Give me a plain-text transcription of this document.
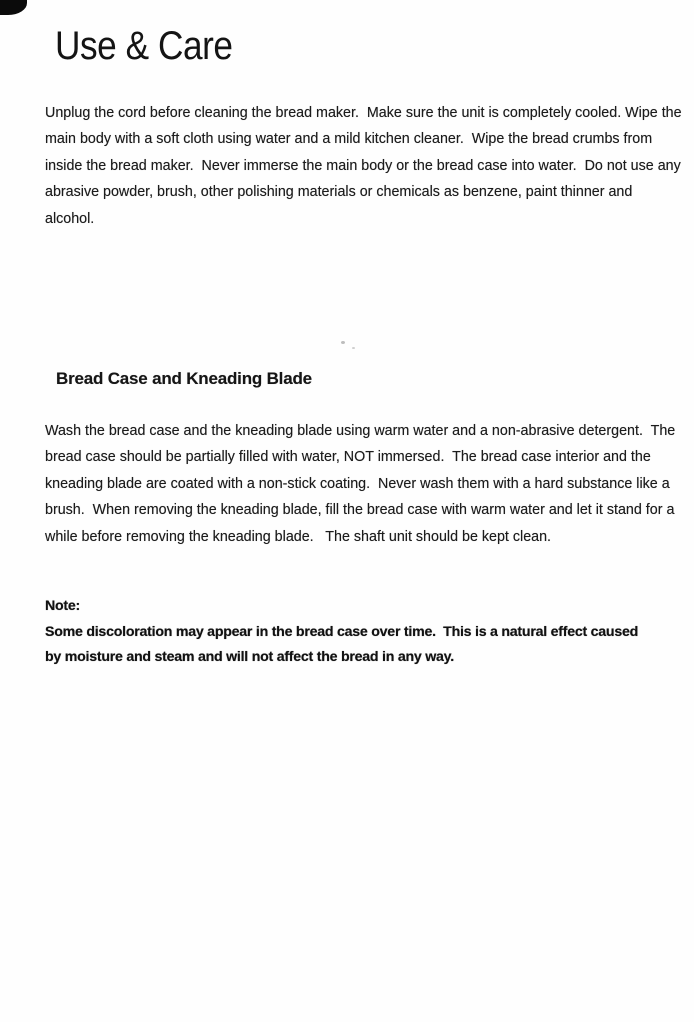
Use & Care
Unplug the cord before cleaning the bread maker.  Make sure the unit is completely cooled. Wipe the
main body with a soft cloth using water and a mild kitchen cleaner.  Wipe the bread crumbs from
inside the bread maker.  Never immerse the main body or the bread case into water.  Do not use any
abrasive powder, brush, other polishing materials or chemicals as benzene, paint thinner and
alcohol.
Bread Case and Kneading Blade
Wash the bread case and the kneading blade using warm water and a non-abrasive detergent.  The
bread case should be partially filled with water, NOT immersed.  The bread case interior and the
kneading blade are coated with a non-stick coating.  Never wash them with a hard substance like a
brush.  When removing the kneading blade, fill the bread case with warm water and let it stand for a
while before removing the kneading blade.   The shaft unit should be kept clean.
Note:
Some discoloration may appear in the bread case over time.  This is a natural effect caused
by moisture and steam and will not affect the bread in any way.
